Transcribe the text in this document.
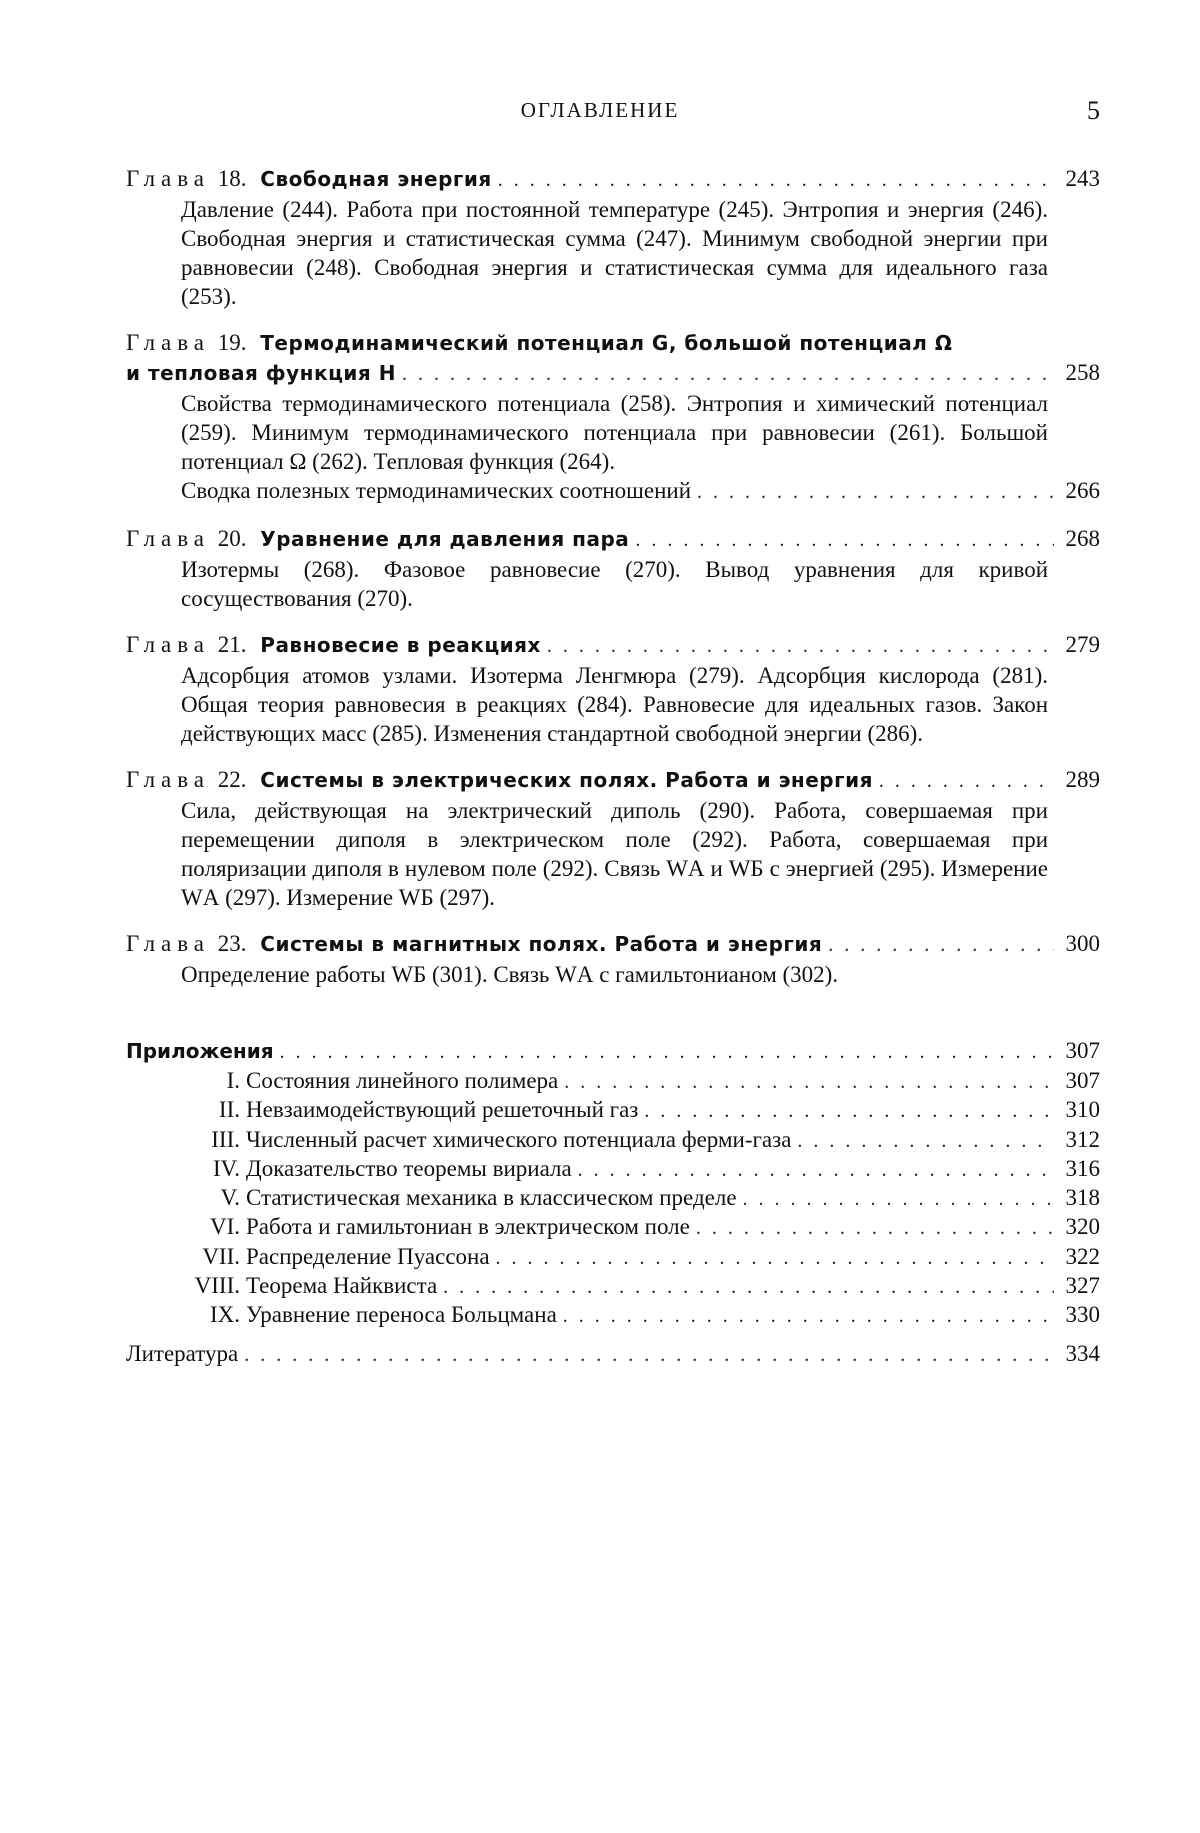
ОГЛАВЛЕНИЕ	5
Глава 18. Свободная энергия . . .	243
Давление (244). Работа при постоянной температуре (245). Энтропия и энергия (246). Свободная энергия и статистическая сумма (247). Минимум свободной энергии при равновесии (248). Свободная энергия и статистическая сумма для идеального газа (253).
Глава 19. Термодинамический потенциал G, большой потенциал Ω
и тепловая функция H . . .	258
Свойства термодинамического потенциала (258). Энтропия и химический потенциал (259). Минимум термодинамического потенциала при равновесии (261). Большой потенциал Ω (262). Тепловая функция (264).
Сводка полезных термодинамических соотношений . . .	266
Глава 20. Уравнение для давления пара . . .	268
Изотермы (268). Фазовое равновесие (270). Вывод уравнения для кривой сосуществования (270).
Глава 21. Равновесие в реакциях . . .	279
Адсорбция атомов узлами. Изотерма Ленгмюра (279). Адсорбция кислорода (281). Общая теория равновесия в реакциях (284). Равновесие для идеальных газов. Закон действующих масс (285). Изменения стандартной свободной энергии (286).
Глава 22. Системы в электрических полях. Работа и энергия . . .	289
Сила, действующая на электрический диполь (290). Работа, совершаемая при перемещении диполя в электрическом поле (292). Работа, совершаемая при поляризации диполя в нулевом поле (292). Связь WА и WБ с энергией (295). Измерение WА (297). Измерение WБ (297).
Глава 23. Системы в магнитных полях. Работа и энергия . . .	300
Определение работы WБ (301). Связь WА с гамильтонианом (302).
Приложения . . .	307
I. Состояния линейного полимера . . .	307
II. Невзаимодействующий решеточный газ . . .	310
III. Численный расчет химического потенциала ферми-газа . . .	312
IV. Доказательство теоремы вириала . . .	316
V. Статистическая механика в классическом пределе . . .	318
VI. Работа и гамильтониан в электрическом поле . . .	320
VII. Распределение Пуассона . . .	322
VIII. Теорема Найквиста . . .	327
IX. Уравнение переноса Больцмана . . .	330
Литература . . .	334
